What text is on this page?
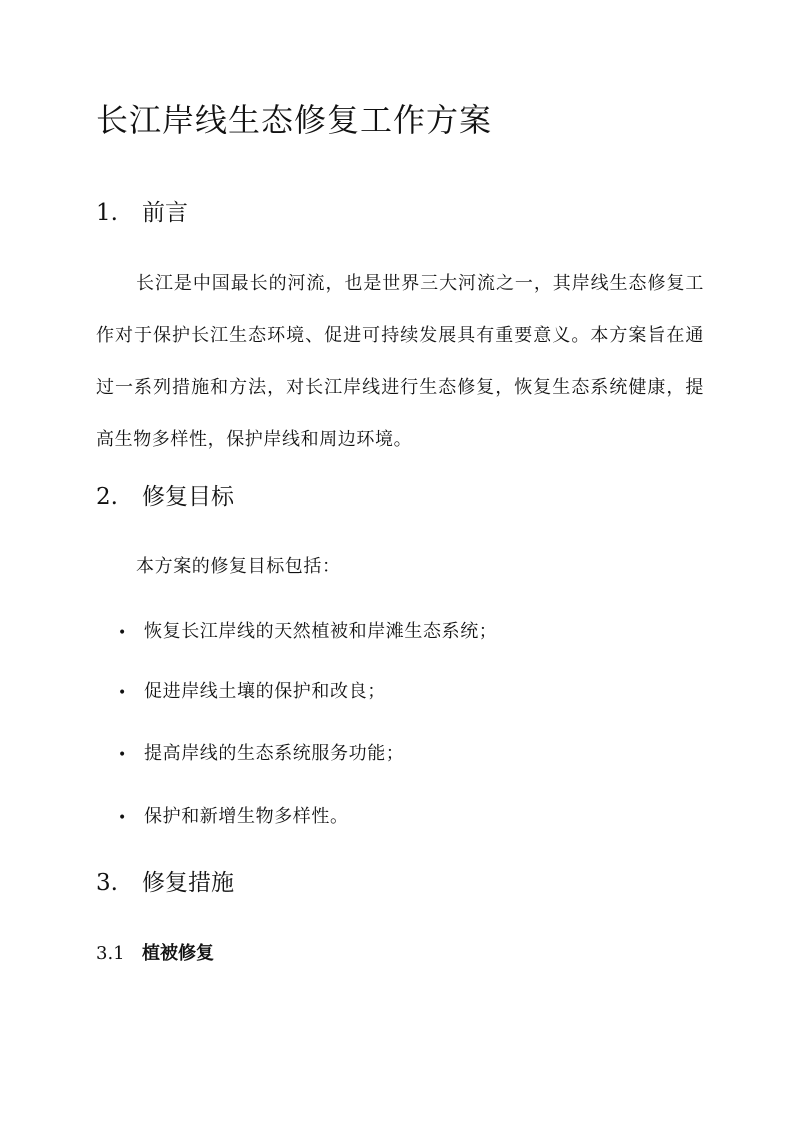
长江岸线生态修复工作方案
1. 前言
长江是中国最长的河流，也是世界三大河流之一，其岸线生态修复工作对于保护长江生态环境、促进可持续发展具有重要意义。本方案旨在通过一系列措施和方法，对长江岸线进行生态修复，恢复生态系统健康，提高生物多样性，保护岸线和周边环境。
2. 修复目标
本方案的修复目标包括：
• 恢复长江岸线的天然植被和岸滩生态系统；
• 促进岸线土壤的保护和改良；
• 提高岸线的生态系统服务功能；
• 保护和新增生物多样性。
3. 修复措施
3.1 植被修复
